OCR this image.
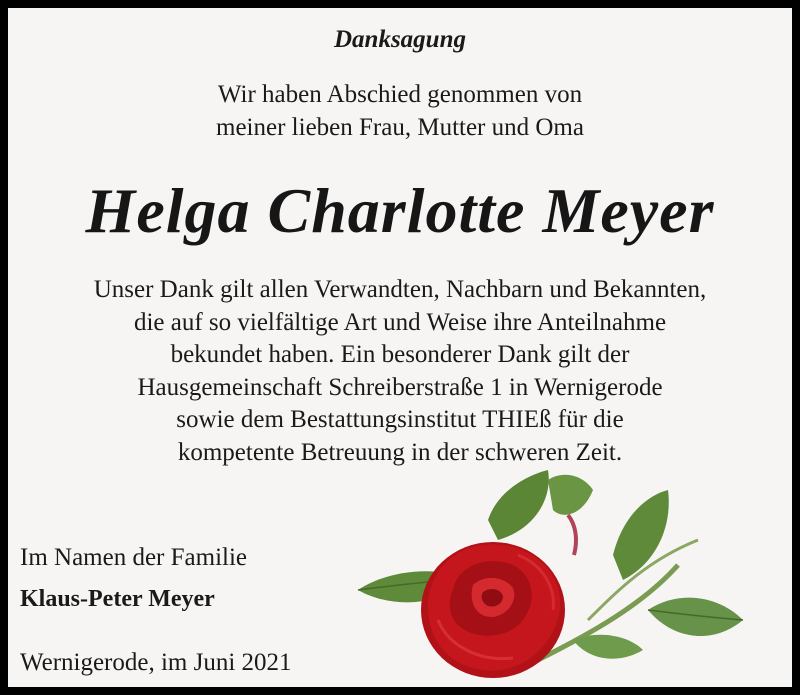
Danksagung
Wir haben Abschied genommen von
meiner lieben Frau, Mutter und Oma
Helga Charlotte Meyer
Unser Dank gilt allen Verwandten, Nachbarn und Bekannten,
die auf so vielfältige Art und Weise ihre Anteilnahme
bekundet haben. Ein besonderer Dank gilt der
Hausgemeinschaft Schreiberstraße 1 in Wernigerode
sowie dem Bestattungsinstitut THIEß für die
kompetente Betreuung in der schweren Zeit.
Im Namen der Familie
Klaus-Peter Meyer
Wernigerode, im Juni 2021
